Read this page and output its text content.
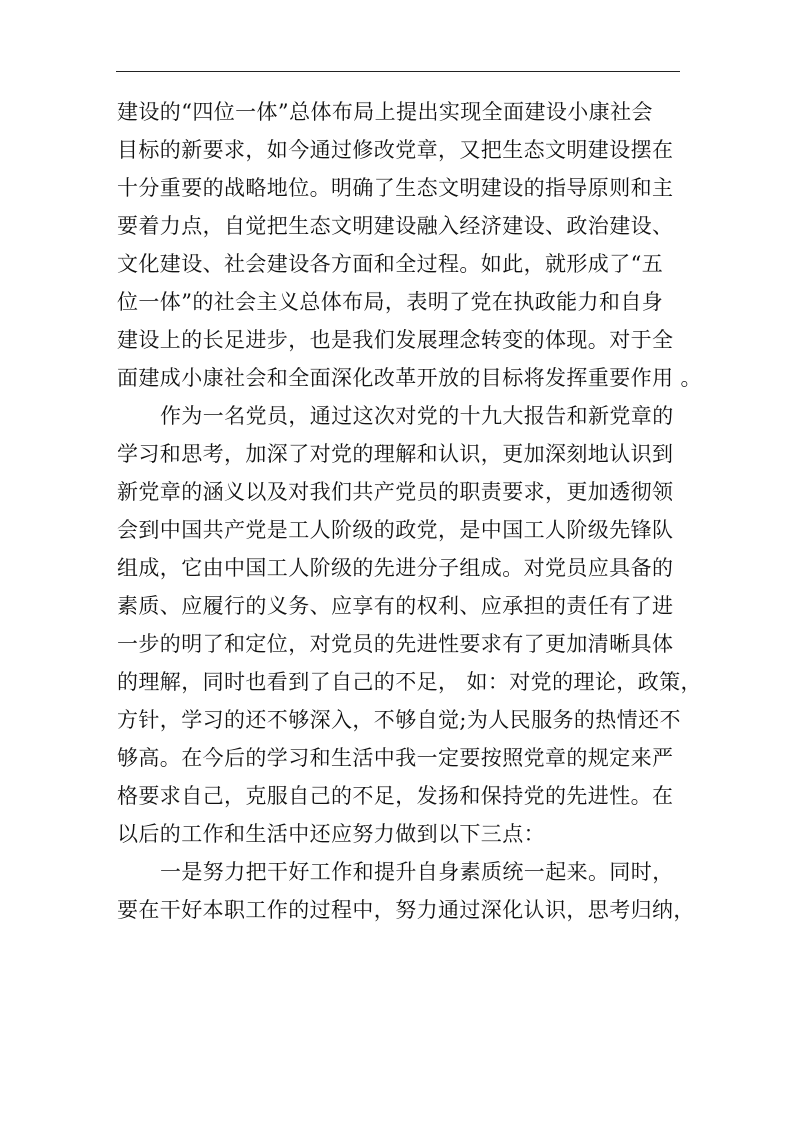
建设的“四位一体”总体布局上提出实现全面建设小康社会
目标的新要求，如今通过修改党章，又把生态文明建设摆在
十分重要的战略地位。明确了生态文明建设的指导原则和主
要着力点，自觉把生态文明建设融入经济建设、政治建设、
文化建设、社会建设各方面和全过程。如此，就形成了“五
位一体”的社会主义总体布局，表明了党在执政能力和自身
建设上的长足进步，也是我们发展理念转变的体现。对于全
面建成小康社会和全面深化改革开放的目标将发挥重要作用 。
作为一名党员，通过这次对党的十九大报告和新党章的
学习和思考，加深了对党的理解和认识，更加深刻地认识到
新党章的涵义以及对我们共产党员的职责要求，更加透彻领
会到中国共产党是工人阶级的政党，是中国工人阶级先锋队
组成，它由中国工人阶级的先进分子组成。对党员应具备的
素质、应履行的义务、应享有的权利、应承担的责任有了进
一步的明了和定位，对党员的先进性要求有了更加清晰具体
的理解，同时也看到了自己的不足， 如：对党的理论，政策，
方针，学习的还不够深入，不够自觉;为人民服务的热情还不
够高。在今后的学习和生活中我一定要按照党章的规定来严
格要求自己，克服自己的不足，发扬和保持党的先进性。在
以后的工作和生活中还应努力做到以下三点：
一是努力把干好工作和提升自身素质统一起来。同时，
要在干好本职工作的过程中，努力通过深化认识，思考归纳，
